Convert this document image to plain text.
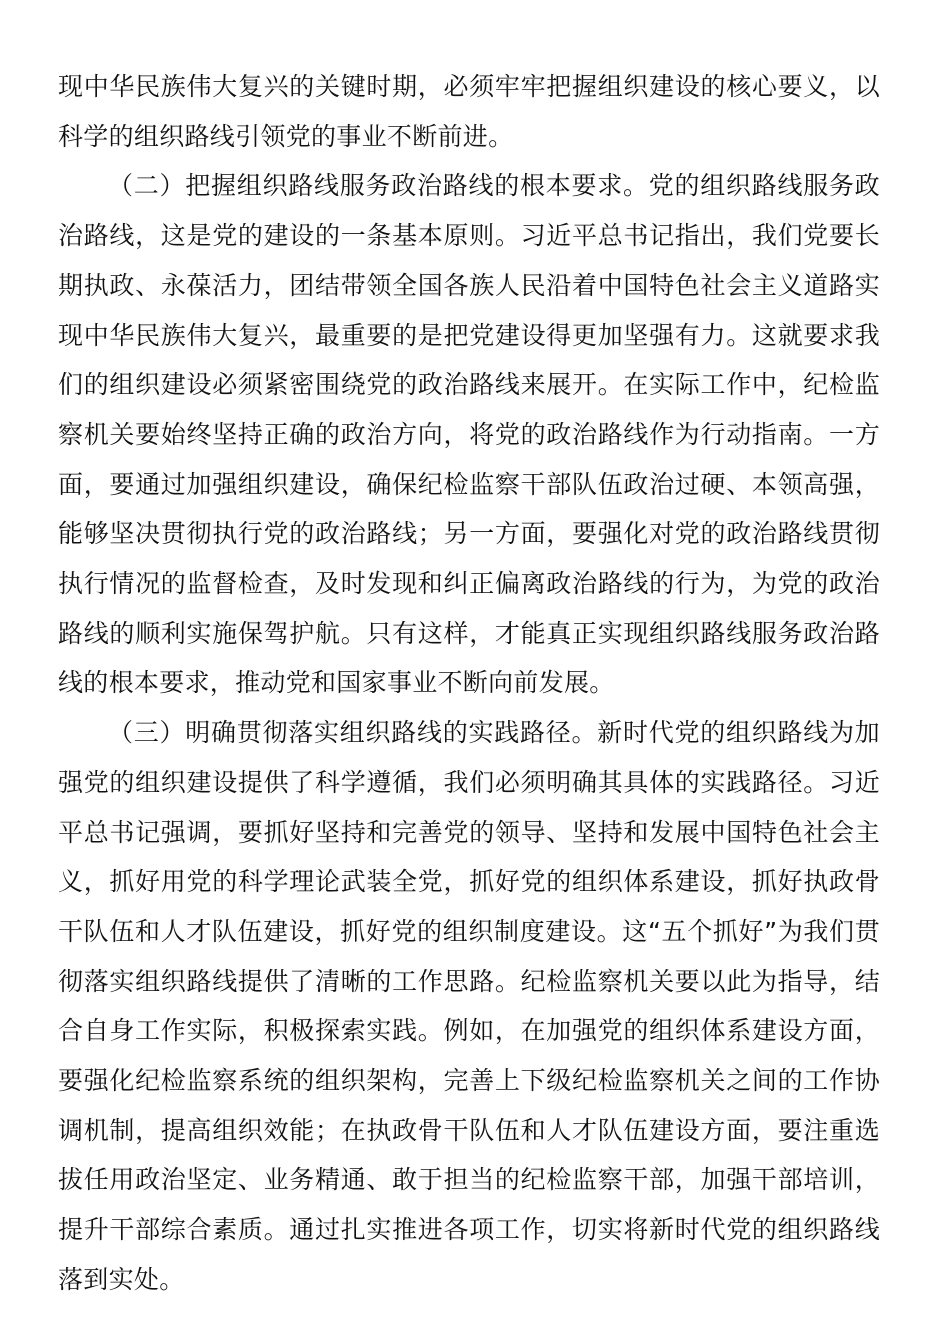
现中华民族伟大复兴的关键时期，必须牢牢把握组织建设的核心要义，以科学的组织路线引领党的事业不断前进。

（二）把握组织路线服务政治路线的根本要求。党的组织路线服务政治路线，这是党的建设的一条基本原则。习近平总书记指出，我们党要长期执政、永葆活力，团结带领全国各族人民沿着中国特色社会主义道路实现中华民族伟大复兴，最重要的是把党建设得更加坚强有力。这就要求我们的组织建设必须紧密围绕党的政治路线来展开。在实际工作中，纪检监察机关要始终坚持正确的政治方向，将党的政治路线作为行动指南。一方面，要通过加强组织建设，确保纪检监察干部队伍政治过硬、本领高强，能够坚决贯彻执行党的政治路线；另一方面，要强化对党的政治路线贯彻执行情况的监督检查，及时发现和纠正偏离政治路线的行为，为党的政治路线的顺利实施保驾护航。只有这样，才能真正实现组织路线服务政治路线的根本要求，推动党和国家事业不断向前发展。

（三）明确贯彻落实组织路线的实践路径。新时代党的组织路线为加强党的组织建设提供了科学遵循，我们必须明确其具体的实践路径。习近平总书记强调，要抓好坚持和完善党的领导、坚持和发展中国特色社会主义，抓好用党的科学理论武装全党，抓好党的组织体系建设，抓好执政骨干队伍和人才队伍建设，抓好党的组织制度建设。这“五个抓好”为我们贯彻落实组织路线提供了清晰的工作思路。纪检监察机关要以此为指导，结合自身工作实际，积极探索实践。例如，在加强党的组织体系建设方面，要强化纪检监察系统的组织架构，完善上下级纪检监察机关之间的工作协调机制，提高组织效能；在执政骨干队伍和人才队伍建设方面，要注重选拔任用政治坚定、业务精通、敢于担当的纪检监察干部，加强干部培训，提升干部综合素质。通过扎实推进各项工作，切实将新时代党的组织路线落到实处。
